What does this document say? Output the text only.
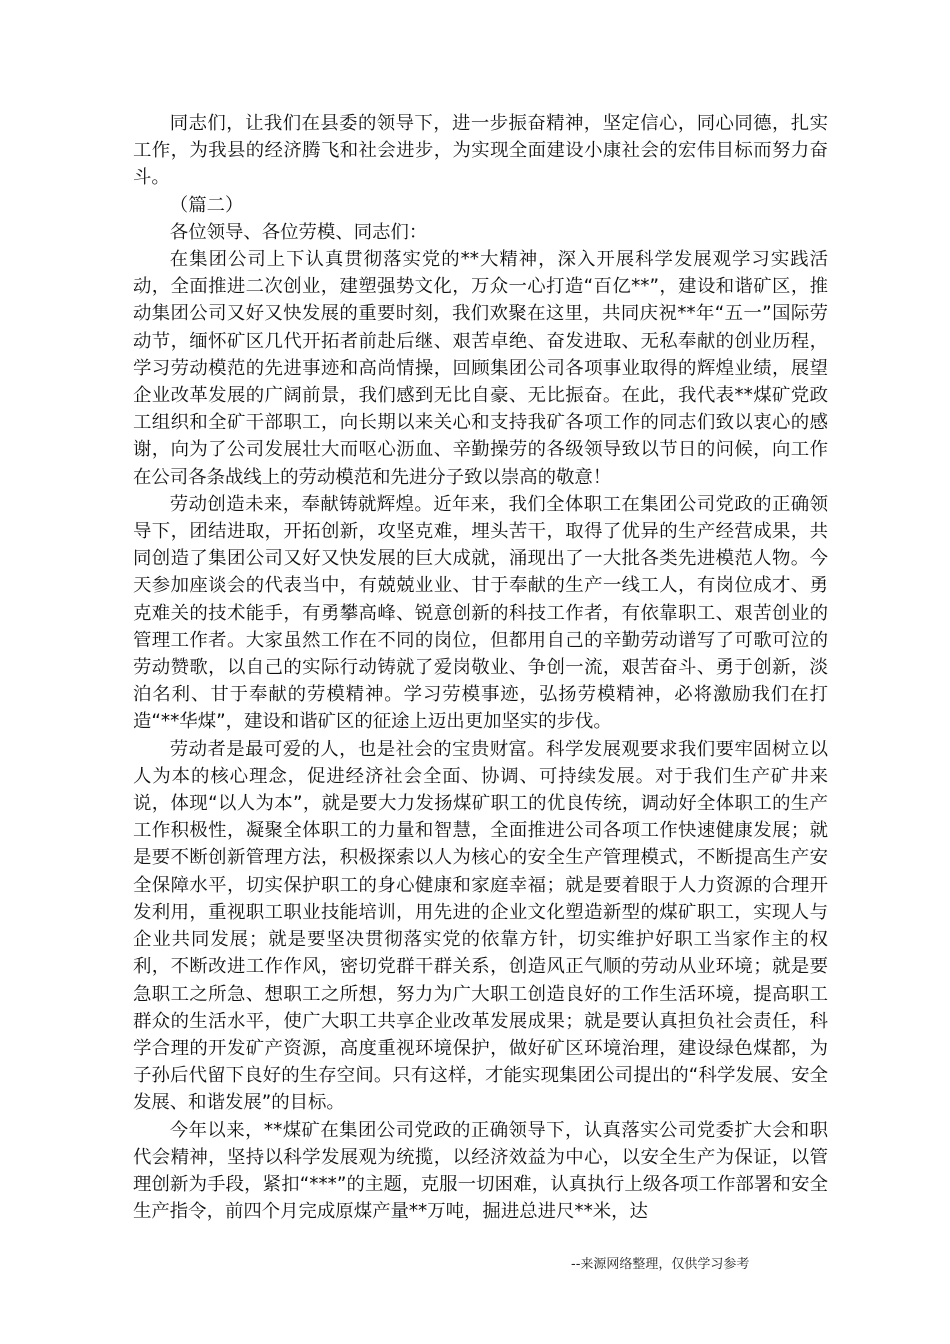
同志们，让我们在县委的领导下，进一步振奋精神，坚定信心，同心同德，扎实工作，为我县的经济腾飞和社会进步，为实现全面建设小康社会的宏伟目标而努力奋斗。

（篇二）

各位领导、各位劳模、同志们：

在集团公司上下认真贯彻落实党的**大精神，深入开展科学发展观学习实践活动，全面推进二次创业，建塑强势文化，万众一心打造“百亿**”，建设和谐矿区，推动集团公司又好又快发展的重要时刻，我们欢聚在这里，共同庆祝**年“五一”国际劳动节，缅怀矿区几代开拓者前赴后继、艰苦卓绝、奋发进取、无私奉献的创业历程，学习劳动模范的先进事迹和高尚情操，回顾集团公司各项事业取得的辉煌业绩，展望企业改革发展的广阔前景，我们感到无比自豪、无比振奋。在此，我代表**煤矿党政工组织和全矿干部职工，向长期以来关心和支持我矿各项工作的同志们致以衷心的感谢，向为了公司发展壮大而呕心沥血、辛勤操劳的各级领导致以节日的问候，向工作在公司各条战线上的劳动模范和先进分子致以崇高的敬意！

劳动创造未来，奉献铸就辉煌。近年来，我们全体职工在集团公司党政的正确领导下，团结进取，开拓创新，攻坚克难，埋头苦干，取得了优异的生产经营成果，共同创造了集团公司又好又快发展的巨大成就，涌现出了一大批各类先进模范人物。今天参加座谈会的代表当中，有兢兢业业、甘于奉献的生产一线工人，有岗位成才、勇克难关的技术能手，有勇攀高峰、锐意创新的科技工作者，有依靠职工、艰苦创业的管理工作者。大家虽然工作在不同的岗位，但都用自己的辛勤劳动谱写了可歌可泣的劳动赞歌，以自己的实际行动铸就了爱岗敬业、争创一流，艰苦奋斗、勇于创新，淡泊名利、甘于奉献的劳模精神。学习劳模事迹，弘扬劳模精神，必将激励我们在打造“**华煤”，建设和谐矿区的征途上迈出更加坚实的步伐。

劳动者是最可爱的人，也是社会的宝贵财富。科学发展观要求我们要牢固树立以人为本的核心理念，促进经济社会全面、协调、可持续发展。对于我们生产矿井来说，体现“以人为本”，就是要大力发扬煤矿职工的优良传统，调动好全体职工的生产工作积极性，凝聚全体职工的力量和智慧，全面推进公司各项工作快速健康发展；就是要不断创新管理方法，积极探索以人为核心的安全生产管理模式，不断提高生产安全保障水平，切实保护职工的身心健康和家庭幸福；就是要着眼于人力资源的合理开发利用，重视职工职业技能培训，用先进的企业文化塑造新型的煤矿职工，实现人与企业共同发展；就是要坚决贯彻落实党的依靠方针，切实维护好职工当家作主的权利，不断改进工作作风，密切党群干群关系，创造风正气顺的劳动从业环境；就是要急职工之所急、想职工之所想，努力为广大职工创造良好的工作生活环境，提高职工群众的生活水平，使广大职工共享企业改革发展成果；就是要认真担负社会责任，科学合理的开发矿产资源，高度重视环境保护，做好矿区环境治理，建设绿色煤都，为子孙后代留下良好的生存空间。只有这样，才能实现集团公司提出的“科学发展、安全发展、和谐发展”的目标。

今年以来，**煤矿在集团公司党政的正确领导下，认真落实公司党委扩大会和职代会精神，坚持以科学发展观为统揽，以经济效益为中心，以安全生产为保证，以管理创新为手段，紧扣“***”的主题，克服一切困难，认真执行上级各项工作部署和安全生产指令，前四个月完成原煤产量**万吨，掘进总进尺**米，达

--来源网络整理，仅供学习参考
